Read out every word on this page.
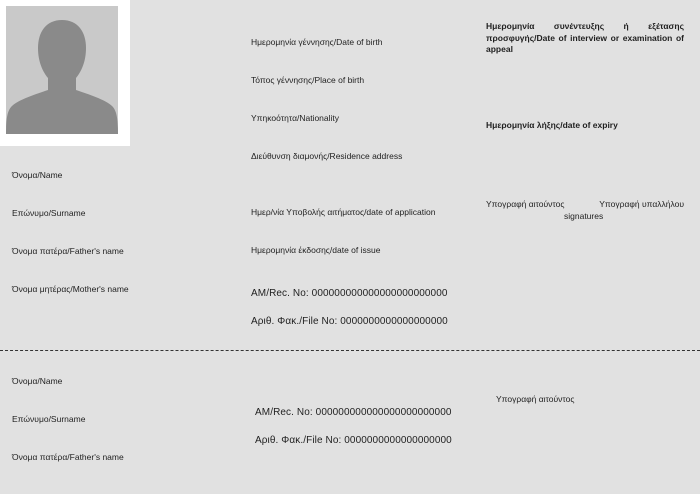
Όνομα/Name
Επώνυμο/Surname
Όνομα πατέρα/Father's name
Όνομα μητέρας/Mother's name
Ημερομηνία γέννησης/Date of birth
Τόπος γέννησης/Place of birth
Υπηκοότητα/Nationality
Διεύθυνση διαμονής/Residence address
Ημερ/νία Υποβολής αιτήματος/date of application
Ημερομηνία έκδοσης/date of issue
AM/Rec. No: 000000000000000000000000
Αριθ. Φακ./File No: 0000000000000000000
Ημερομηνία συνέντευξης ή εξέτασης προσφυγής/Date of interview or examination of appeal
Ημερομηνία λήξης/date of expiry
Υπογραφή αιτούντος	Υπογραφή υπαλλήλου
signatures
Όνομα/Name
Επώνυμο/Surname
Όνομα πατέρα/Father's name
AM/Rec. No: 000000000000000000000000
Αριθ. Φακ./File No: 0000000000000000000
Υπογραφή αιτούντος
